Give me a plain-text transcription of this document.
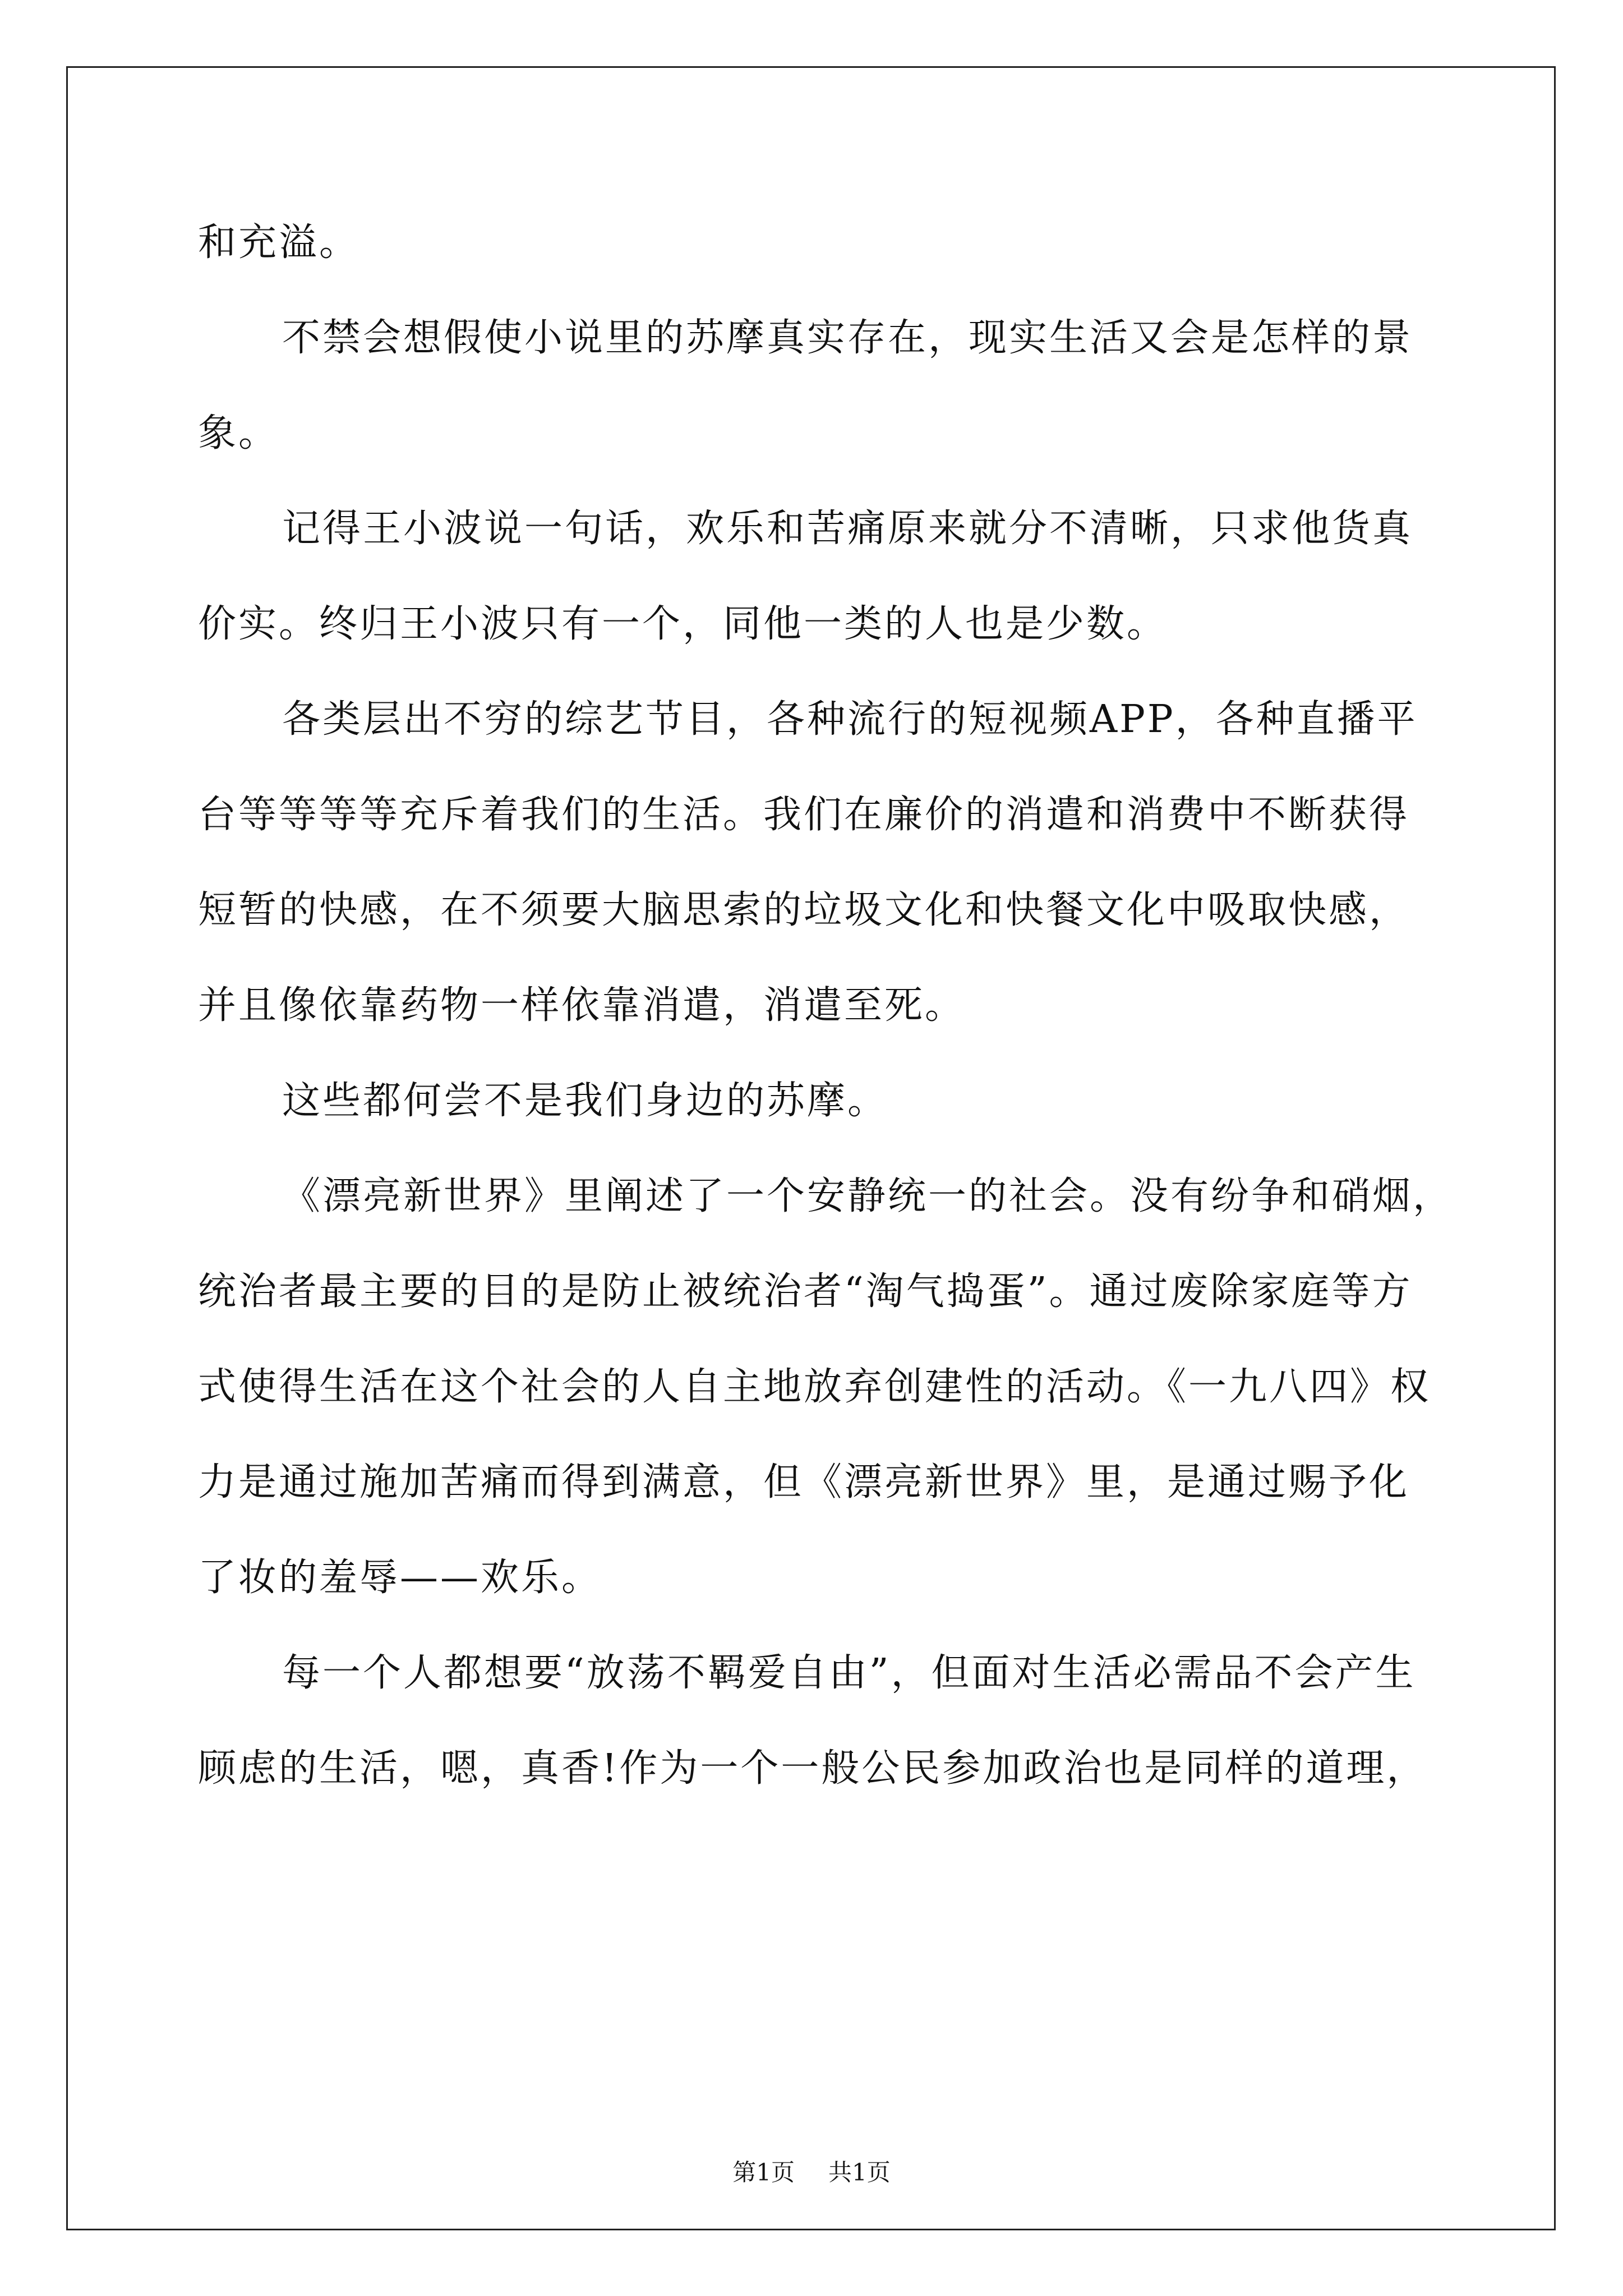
和充溢。
不禁会想假使小说里的苏摩真实存在，现实生活又会是怎样的景
象。
记得王小波说一句话，欢乐和苦痛原来就分不清晰，只求他货真
价实。终归王小波只有一个，同他一类的人也是少数。
各类层出不穷的综艺节目，各种流行的短视频APP，各种直播平
台等等等等充斥着我们的生活。我们在廉价的消遣和消费中不断获得
短暂的快感，在不须要大脑思索的垃圾文化和快餐文化中吸取快感，
并且像依靠药物一样依靠消遣，消遣至死。
这些都何尝不是我们身边的苏摩。
《漂亮新世界》里阐述了一个安静统一的社会。没有纷争和硝烟，
统治者最主要的目的是防止被统治者“淘气捣蛋”。通过废除家庭等方
式使得生活在这个社会的人自主地放弃创建性的活动。《一九八四》权
力是通过施加苦痛而得到满意，但《漂亮新世界》里，是通过赐予化
了妆的羞辱——欢乐。
每一个人都想要“放荡不羁爱自由”，但面对生活必需品不会产生
顾虑的生活，嗯，真香!作为一个一般公民参加政治也是同样的道理，
第1页 共1页
